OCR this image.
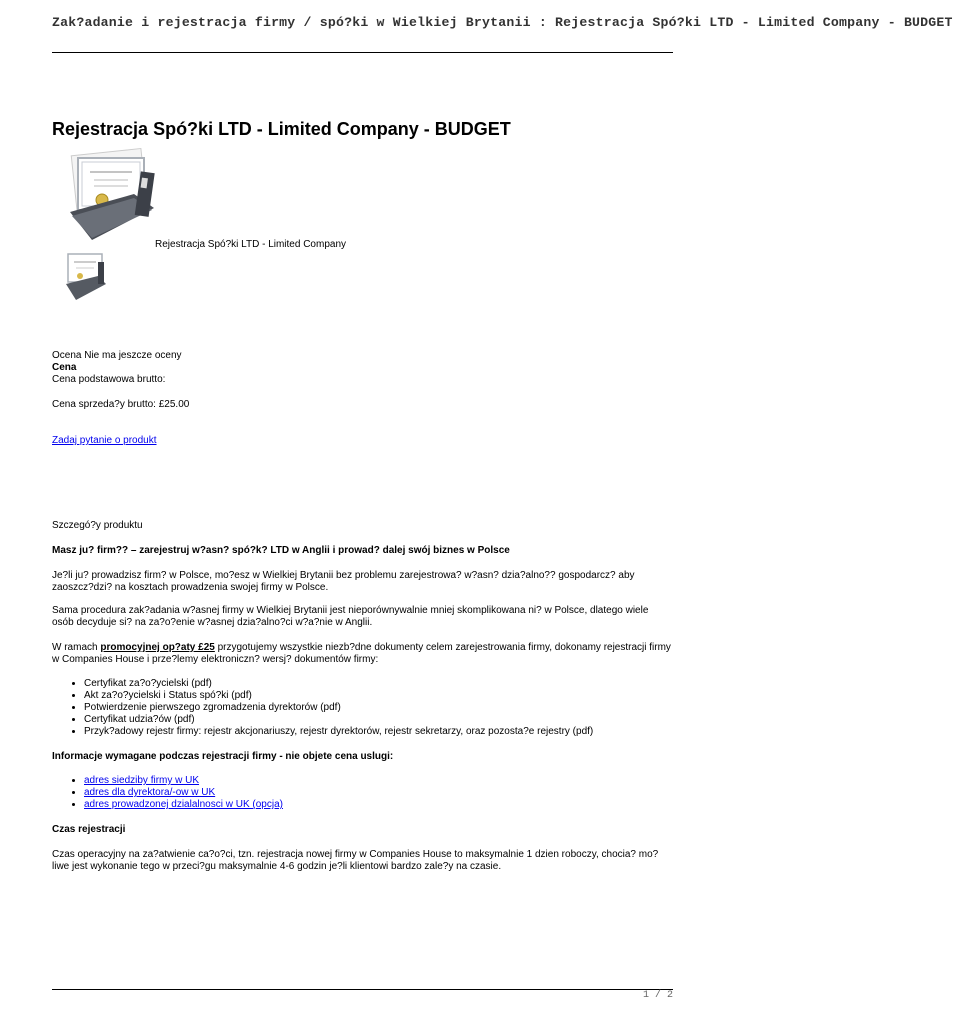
Zak?adanie i rejestracja firmy / spó?ki w Wielkiej Brytanii : Rejestracja Spó?ki LTD - Limited Company - BUDGET
Rejestracja Spó?ki LTD - Limited Company - BUDGET
Rejestracja Spó?ki LTD - Limited Company
Ocena Nie ma jeszcze oceny
Cena
Cena podstawowa brutto:
Cena sprzeda?y brutto: £25.00
Zadaj pytanie o produkt
Szczegó?y produktu
Masz ju? firm?? – zarejestruj w?asn? spó?k? LTD w Anglii i prowad? dalej swój biznes w Polsce

Je?li ju? prowadzisz firm? w Polsce, mo?esz w Wielkiej Brytanii bez problemu zarejestrowa? w?asn? dzia?alno?? gospodarcz? aby zaoszcz?dzi? na kosztach prowadzenia swojej firmy w Polsce.

Sama procedura zak?adania w?asnej firmy w Wielkiej Brytanii jest nieporównywalnie mniej skomplikowana ni? w Polsce, dlatego wiele osób decyduje si? na za?o?enie w?asnej dzia?alno?ci w?a?nie w Anglii.

W ramach promocyjnej op?aty £25 przygotujemy wszystkie niezb?dne dokumenty celem zarejestrowania firmy, dokonamy rejestracji firmy w Companies House i prze?lemy elektroniczn? wersj? dokumentów firmy:

• Certyfikat za?o?ycielski (pdf)
• Akt za?o?ycielski i Status spó?ki (pdf)
• Potwierdzenie pierwszego zgromadzenia dyrektorów (pdf)
• Certyfikat udzia?ów (pdf)
• Przyk?adowy rejestr firmy: rejestr akcjonariuszy, rejestr dyrektorów, rejestr sekretarzy, oraz pozosta?e rejestry (pdf)
Informacje wymagane podczas rejestracji firmy - nie objete cena uslugi:
• adres siedziby firmy w UK
• adres dla dyrektora/-ow w UK
• adres prowadzonej dzialalnosci w UK (opcja)
Czas rejestracji

Czas operacyjny na za?atwienie ca?o?ci, tzn. rejestracja nowej firmy w Companies House to maksymalnie 1 dzien roboczy, chocia? mo?liwe jest wykonanie tego w przeci?gu maksymalnie 4-6 godzin je?li klientowi bardzo zale?y na czasie.

1 / 2
